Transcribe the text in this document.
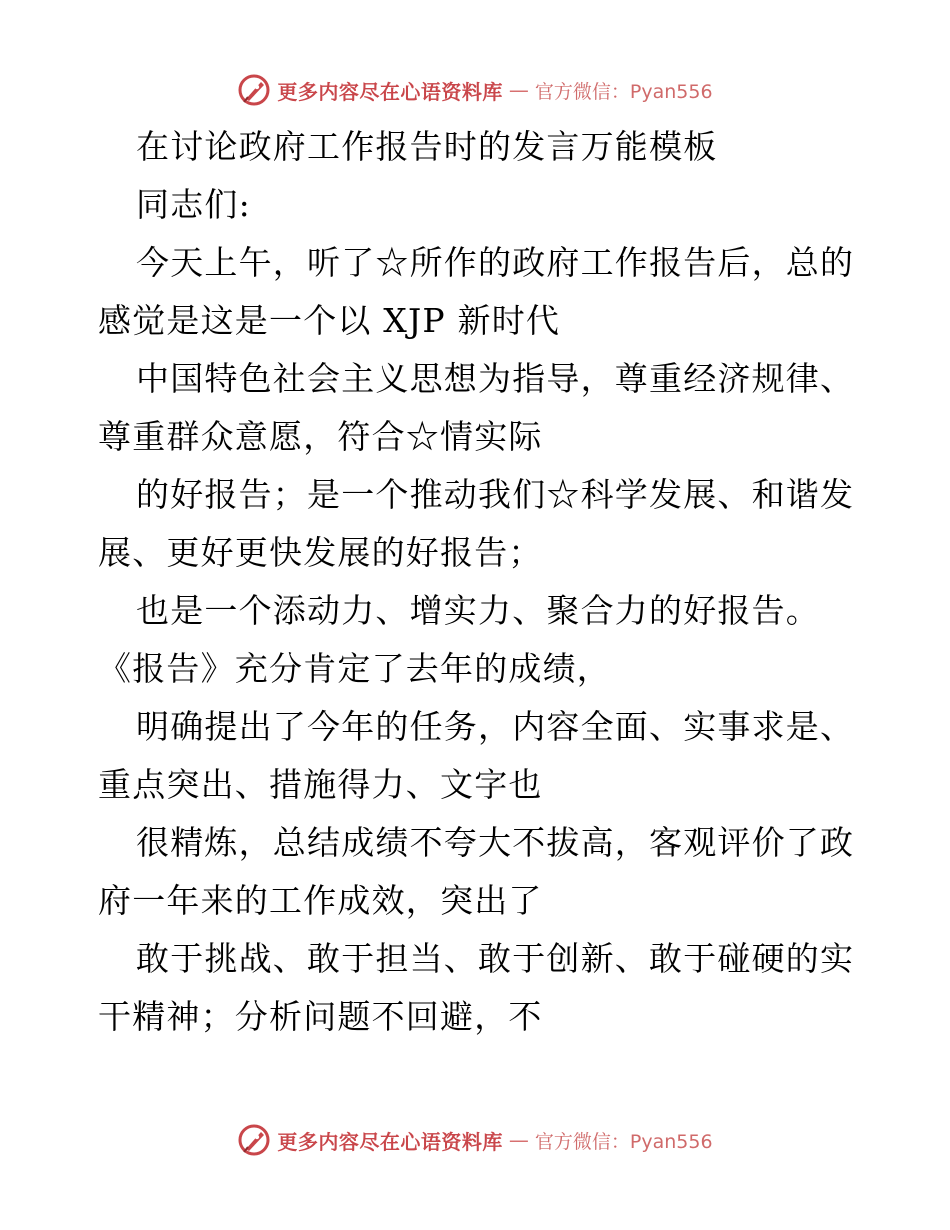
更多内容尽在心语资料库 — 官方微信：Pyan556
在讨论政府工作报告时的发言万能模板
同志们:
今天上午，听了☆所作的政府工作报告后，总的
感觉是这是一个以 XJP 新时代
中国特色社会主义思想为指导，尊重经济规律、
尊重群众意愿，符合☆情实际
的好报告；是一个推动我们☆科学发展、和谐发
展、更好更快发展的好报告；
也是一个添动力、增实力、聚合力的好报告。
《报告》充分肯定了去年的成绩，
明确提出了今年的任务，内容全面、实事求是、
重点突出、措施得力、文字也
很精炼，总结成绩不夸大不拔高，客观评价了政
府一年来的工作成效，突出了
敢于挑战、敢于担当、敢于创新、敢于碰硬的实
干精神；分析问题不回避，不
更多内容尽在心语资料库 — 官方微信：Pyan556
